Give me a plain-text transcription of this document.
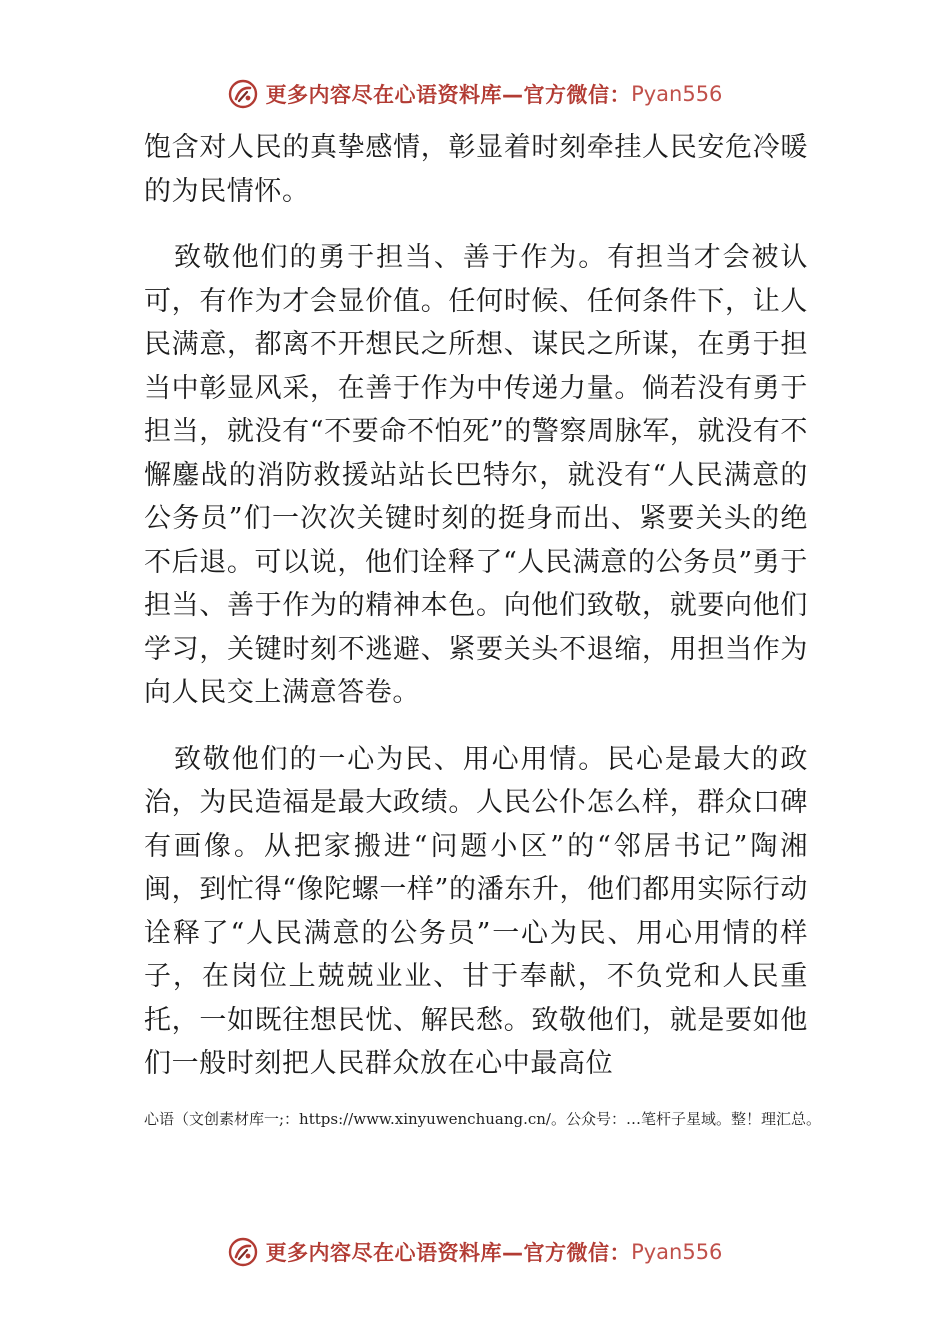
更多内容尽在心语资料库—官方微信： Pyan556

饱含对人民的真挚感情，彰显着时刻牵挂人民安危冷暖的为民情怀。

致敬他们的勇于担当、善于作为。有担当才会被认可，有作为才会显价值。任何时候、任何条件下，让人民满意，都离不开想民之所想、谋民之所谋，在勇于担当中彰显风采，在善于作为中传递力量。倘若没有勇于担当，就没有“不要命不怕死”的警察周脉军，就没有不懈鏖战的消防救援站站长巴特尔，就没有“人民满意的公务员”们一次次关键时刻的挺身而出、紧要关头的绝不后退。可以说，他们诠释了“人民满意的公务员”勇于担当、善于作为的精神本色。向他们致敬，就要向他们学习，关键时刻不逃避、紧要关头不退缩，用担当作为向人民交上满意答卷。

致敬他们的一心为民、用心用情。民心是最大的政治，为民造福是最大政绩。人民公仆怎么样，群众口碑有画像。从把家搬进“问题小区”的“邻居书记”陶湘闽，到忙得“像陀螺一样”的潘东升，他们都用实际行动诠释了“人民满意的公务员”一心为民、用心用情的样子，在岗位上兢兢业业、甘于奉献，不负党和人民重托，一如既往想民忧、解民愁。致敬他们，就是要如他们一般时刻把人民群众放在心中最高位

心语（文创素材库一;：https://www.xinyuwenchuang.cn/。公众号：…笔杆子星域。整！理汇总。
更多内容尽在心语资料库—官方微信： Pyan556
